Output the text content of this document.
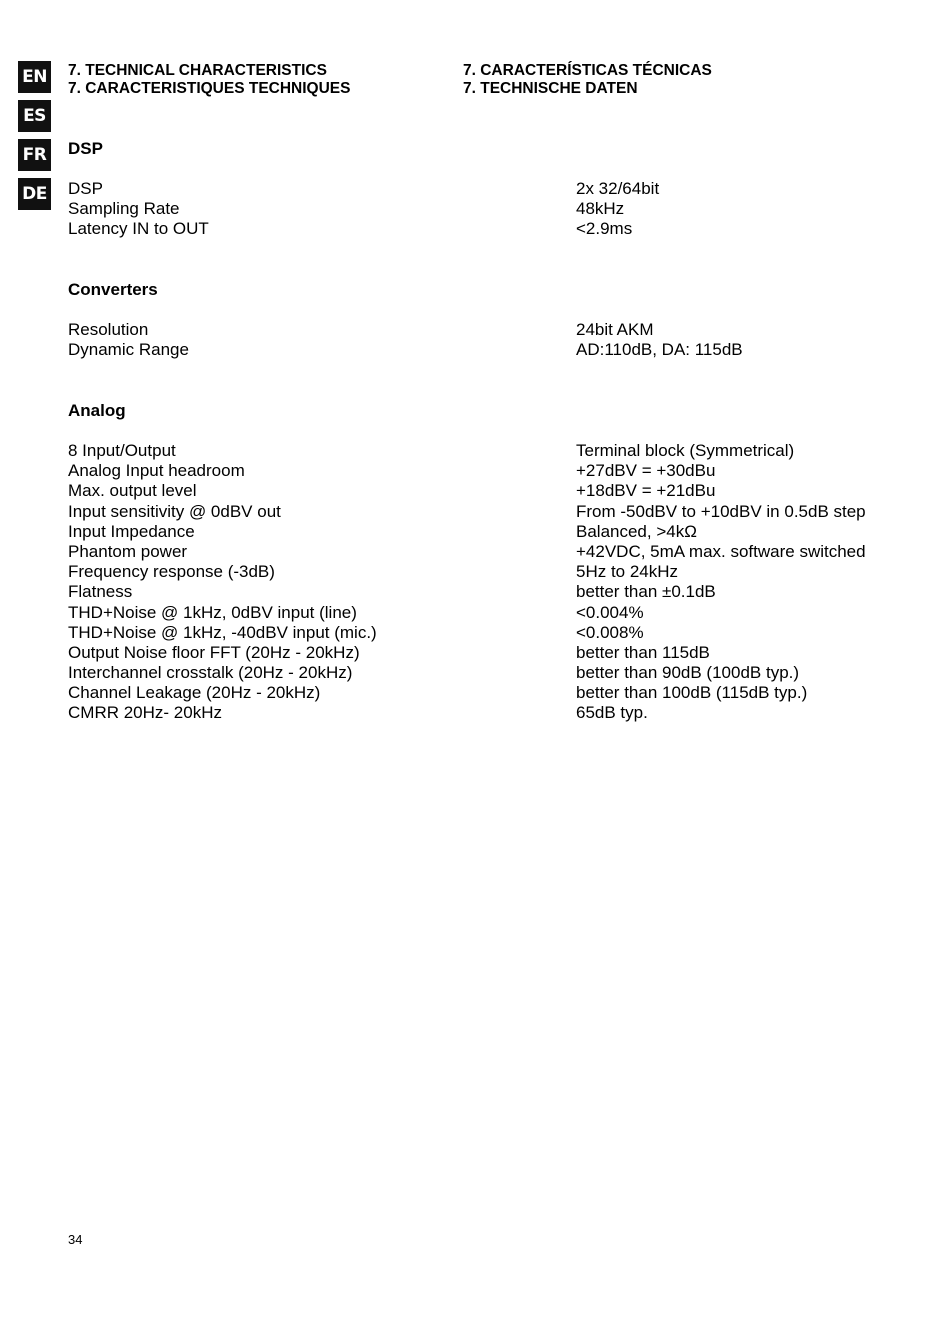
EN
ES
FR
DE
7. TECHNICAL CHARACTERISTICS	7. CARACTERÍSTICAS TÉCNICAS
7. CARACTERISTIQUES TECHNIQUES	7. TECHNISCHE DATEN
DSP
DSP	2x 32/64bit
Sampling Rate	48kHz
Latency IN to OUT	<2.9ms
Converters
Resolution	24bit AKM
Dynamic Range	AD:110dB, DA: 115dB
Analog
8 Input/Output	Terminal block (Symmetrical)
Analog Input headroom	+27dBV = +30dBu
Max. output level	+18dBV = +21dBu
Input sensitivity @ 0dBV out	From -50dBV to +10dBV in 0.5dB step
Input Impedance	Balanced, >4kΩ
Phantom power	+42VDC, 5mA max. software switched
Frequency response (-3dB)	5Hz to 24kHz
Flatness	better than ±0.1dB
THD+Noise @ 1kHz, 0dBV input (line)	<0.004%
THD+Noise @ 1kHz, -40dBV input (mic.)	<0.008%
Output Noise floor FFT (20Hz - 20kHz)	better than 115dB
Interchannel crosstalk (20Hz - 20kHz)	better than 90dB (100dB typ.)
Channel Leakage (20Hz - 20kHz)	better than 100dB (115dB typ.)
CMRR 20Hz- 20kHz	65dB typ.
34
